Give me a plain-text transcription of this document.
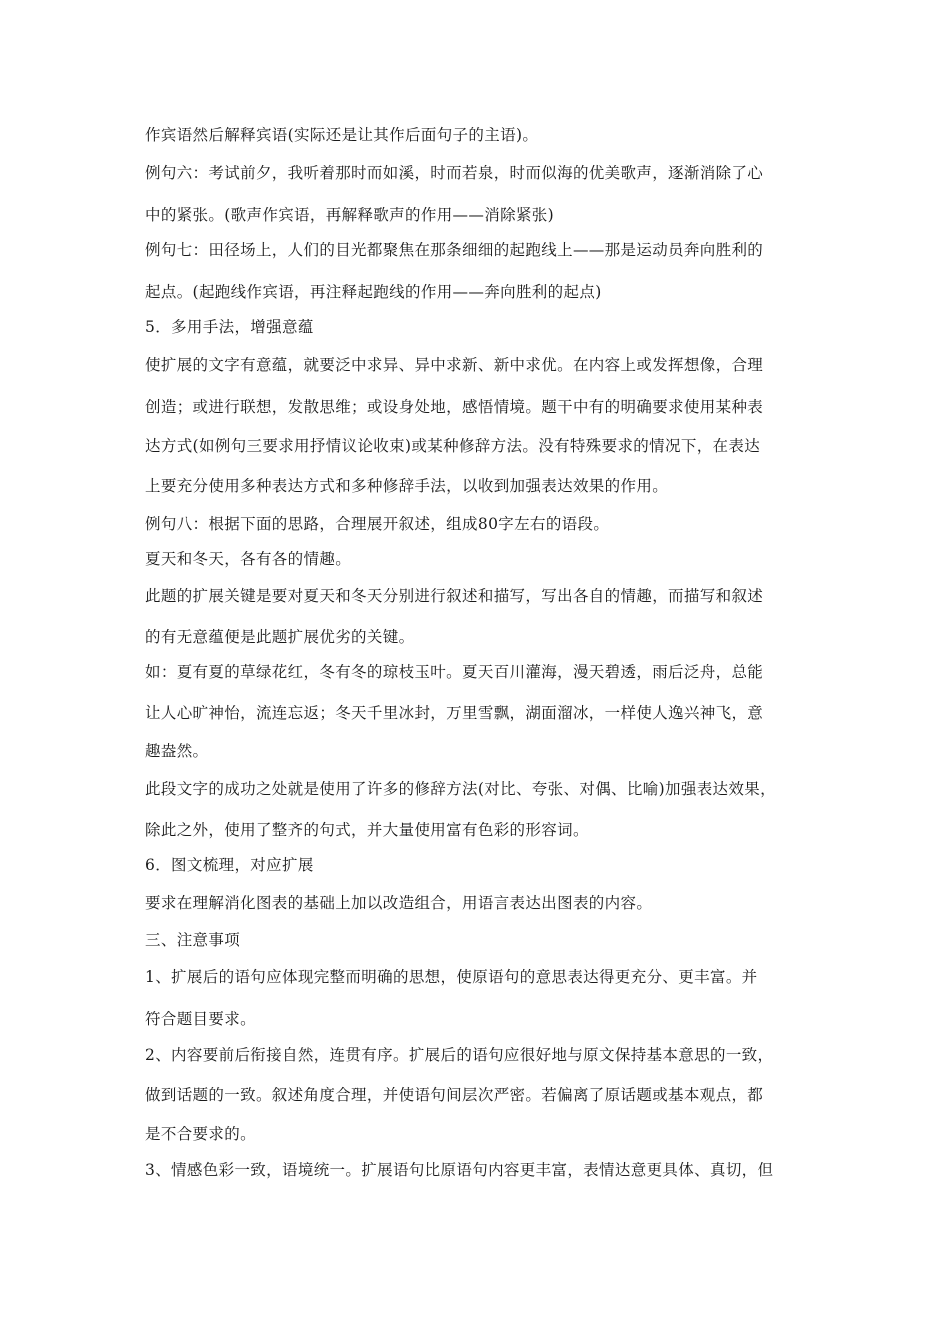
作宾语然后解释宾语(实际还是让其作后面句子的主语)。
例句六：考试前夕，我听着那时而如溪，时而若泉，时而似海的优美歌声，逐渐消除了心
中的紧张。(歌声作宾语，再解释歌声的作用——消除紧张)
例句七：田径场上，人们的目光都聚焦在那条细细的起跑线上——那是运动员奔向胜利的
起点。(起跑线作宾语，再注释起跑线的作用——奔向胜利的起点)
5．多用手法，增强意蕴
使扩展的文字有意蕴，就要泛中求异、异中求新、新中求优。在内容上或发挥想像，合理
创造；或进行联想，发散思维；或设身处地，感悟情境。题干中有的明确要求使用某种表
达方式(如例句三要求用抒情议论收束)或某种修辞方法。没有特殊要求的情况下，在表达
上要充分使用多种表达方式和多种修辞手法，以收到加强表达效果的作用。
例句八：根据下面的思路，合理展开叙述，组成80字左右的语段。
夏天和冬天，各有各的情趣。
此题的扩展关键是要对夏天和冬天分别进行叙述和描写，写出各自的情趣，而描写和叙述
的有无意蕴便是此题扩展优劣的关键。
如：夏有夏的草绿花红，冬有冬的琼枝玉叶。夏天百川灌海，漫天碧透，雨后泛舟，总能
让人心旷神怡，流连忘返；冬天千里冰封，万里雪飘，湖面溜冰，一样使人逸兴神飞，意
趣盎然。
此段文字的成功之处就是使用了许多的修辞方法(对比、夸张、对偶、比喻)加强表达效果，
除此之外，使用了整齐的句式，并大量使用富有色彩的形容词。
6．图文梳理，对应扩展
要求在理解消化图表的基础上加以改造组合，用语言表达出图表的内容。
三、注意事项
1、扩展后的语句应体现完整而明确的思想，使原语句的意思表达得更充分、更丰富。并
符合题目要求。
2、内容要前后衔接自然，连贯有序。扩展后的语句应很好地与原文保持基本意思的一致，
做到话题的一致。叙述角度合理，并使语句间层次严密。若偏离了原话题或基本观点，都
是不合要求的。
3、情感色彩一致，语境统一。扩展语句比原语句内容更丰富，表情达意更具体、真切，但
